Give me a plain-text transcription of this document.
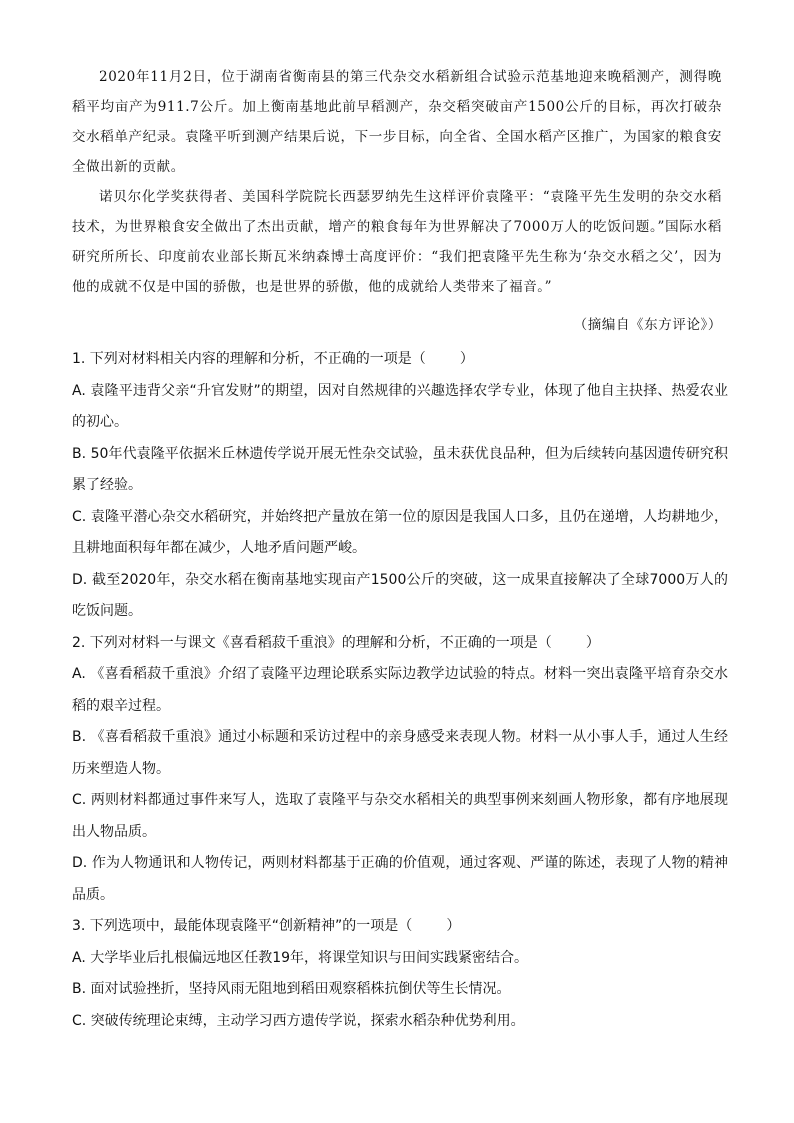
2020年11月2日，位于湖南省衡南县的第三代杂交水稻新组合试验示范基地迎来晚稻测产，测得晚稻平均亩产为911.7公斤。加上衡南基地此前早稻测产，杂交稻突破亩产1500公斤的目标，再次打破杂交水稻单产纪录。袁隆平听到测产结果后说，下一步目标，向全省、全国水稻产区推广，为国家的粮食安全做出新的贡献。

诺贝尔化学奖获得者、美国科学院院长西瑟罗纳先生这样评价袁隆平：“袁隆平先生发明的杂交水稻技术，为世界粮食安全做出了杰出贡献，增产的粮食每年为世界解决了7000万人的吃饭问题。”国际水稻研究所所长、印度前农业部长斯瓦米纳森博士高度评价：“我们把袁隆平先生称为‘杂交水稻之父’，因为他的成就不仅是中国的骄傲，也是世界的骄傲，他的成就给人类带来了福音。”

（摘编自《东方评论》）

1. 下列对材料相关内容的理解和分析，不正确的一项是（ ）

A. 袁隆平违背父亲“升官发财”的期望，因对自然规律的兴趣选择农学专业，体现了他自主抉择、热爱农业的初心。

B. 50年代袁隆平依据米丘林遗传学说开展无性杂交试验，虽未获优良品种，但为后续转向基因遗传研究积累了经验。

C. 袁隆平潜心杂交水稻研究，并始终把产量放在第一位的原因是我国人口多，且仍在递增，人均耕地少，且耕地面积每年都在减少，人地矛盾问题严峻。

D. 截至2020年，杂交水稻在衡南基地实现亩产1500公斤的突破，这一成果直接解决了全球7000万人的吃饭问题。

2. 下列对材料一与课文《喜看稻菽千重浪》的理解和分析，不正确的一项是（ ）

A. 《喜看稻菽千重浪》介绍了袁隆平边理论联系实际边教学边试验的特点。材料一突出袁隆平培育杂交水稻的艰辛过程。

B. 《喜看稻菽千重浪》通过小标题和采访过程中的亲身感受来表现人物。材料一从小事人手，通过人生经历来塑造人物。

C. 两则材料都通过事件来写人，选取了袁隆平与杂交水稻相关的典型事例来刻画人物形象，都有序地展现出人物品质。

D. 作为人物通讯和人物传记，两则材料都基于正确的价值观，通过客观、严谨的陈述，表现了人物的精神品质。

3. 下列选项中，最能体现袁隆平“创新精神”的一项是（ ）

A. 大学毕业后扎根偏远地区任教19年，将课堂知识与田间实践紧密结合。

B. 面对试验挫折，坚持风雨无阻地到稻田观察稻株抗倒伏等生长情况。

C. 突破传统理论束缚，主动学习西方遗传学说，探索水稻杂种优势利用。
